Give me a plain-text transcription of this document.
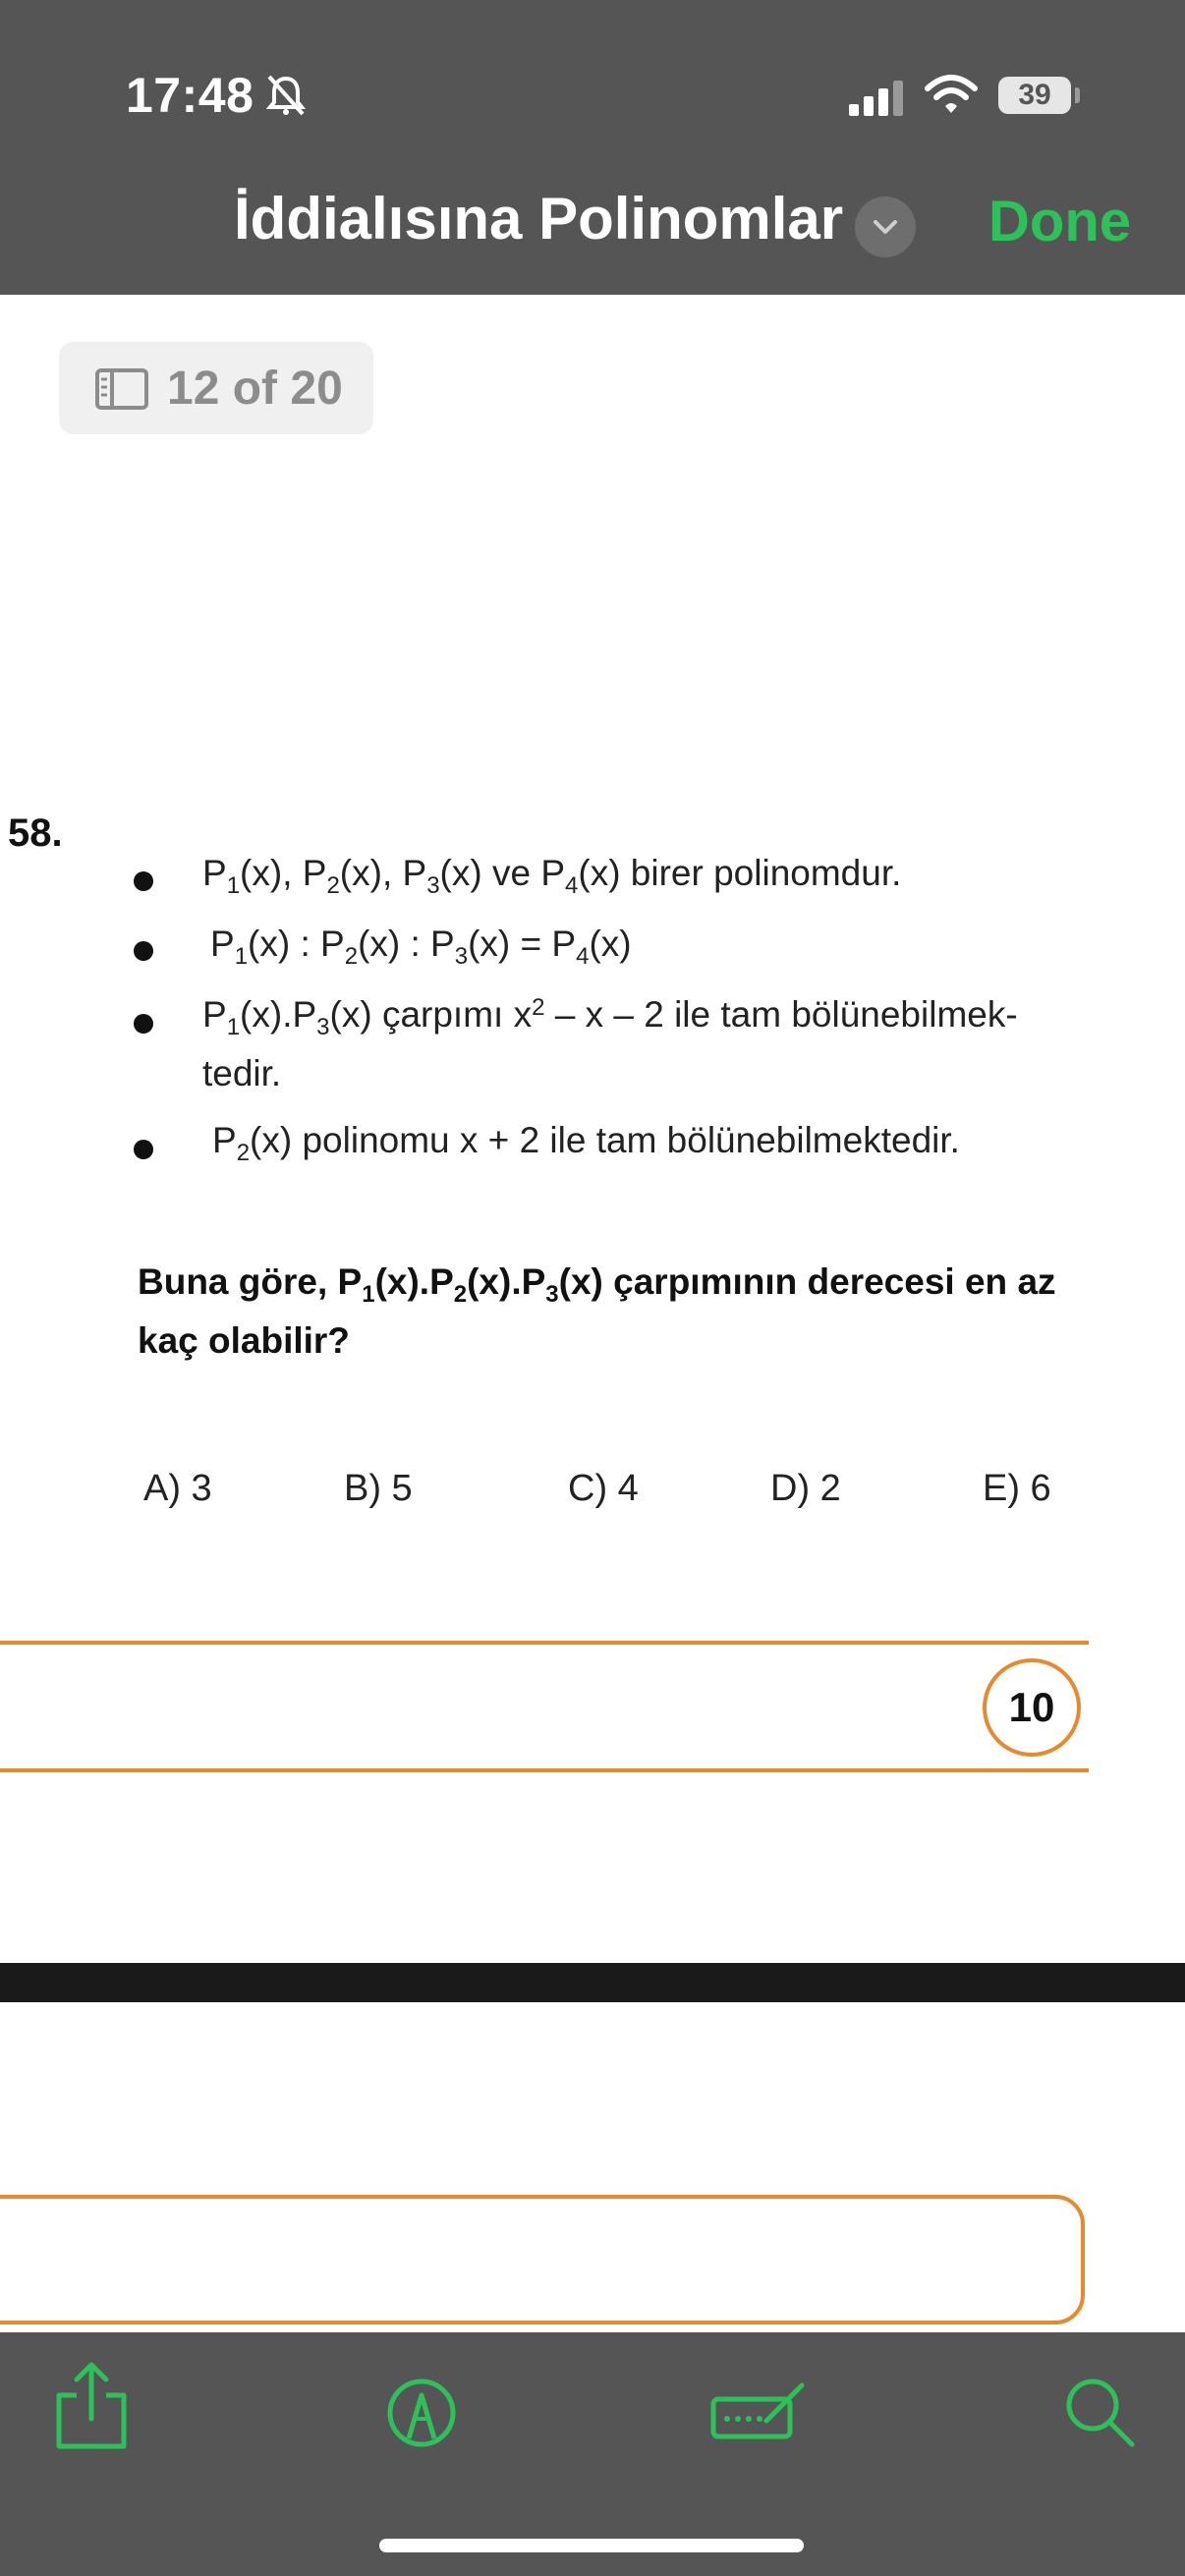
17:48	39
İddialısına Polinomlar	Done
12 of 20
58.
$P_1(x)$, $P_2(x)$, $P_3(x)$ ve $P_4(x)$ birer polinomdur.
$P_1(x)$ : $P_2(x)$ : $P_3(x) = P_4(x)$
$P_1(x).P_3(x)$ çarpımı $x^2$ – x – 2 ile tam bölünebilmek-
tedir.
$P_2(x)$ polinomu x + 2 ile tam bölünebilmektedir.
Buna göre, $P_1(x).P_2(x).P_3(x)$ çarpımının derecesi en az
kaç olabilir?
A) 3	B) 5	C) 4	D) 2	E) 6
10
